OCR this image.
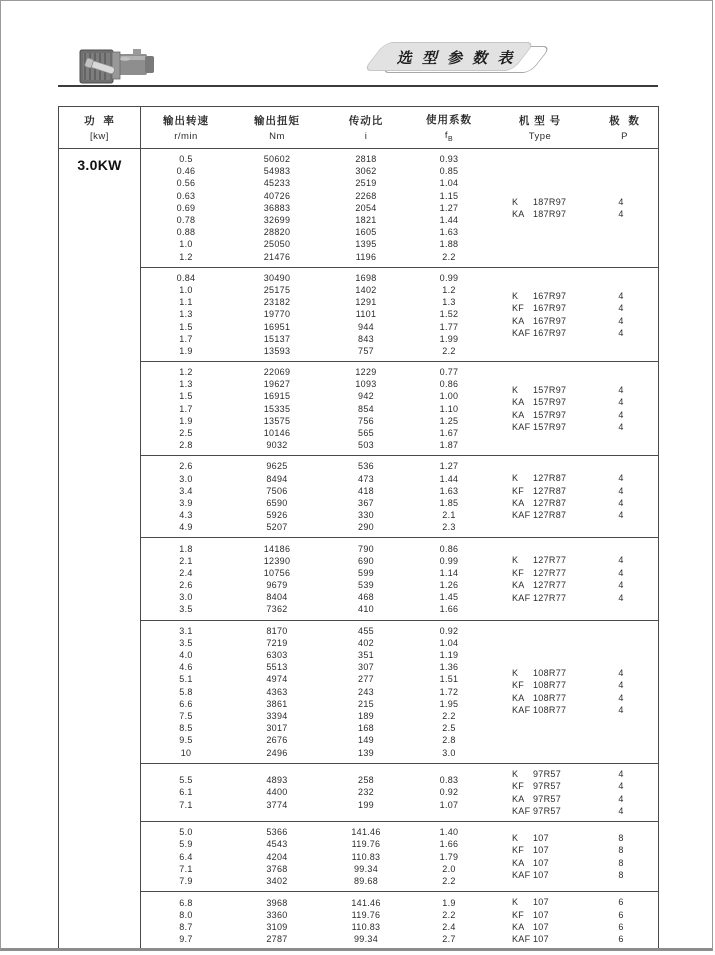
选 型 参 数 表
功  率
[kw]
输出转速
r/min
输出扭矩
Nm
传动比
i
使用系数
$f_B$
机 型 号
Type
极  数
P
3.0KW	0.5	50602	2818	0.93
0.46	54983	3062	0.85
0.56	45233	2519	1.04
0.63	40726	2268	1.15
0.69	36883	2054	1.27
0.78	32699	1821	1.44
0.88	28820	1605	1.63
1.0	25050	1395	1.88
1.2	21476	1196	2.2
K 187R97	4
KA 187R97	4
0.84	30490	1698	0.99
1.0	25175	1402	1.2
1.1	23182	1291	1.3
1.3	19770	1101	1.52
1.5	16951	944	1.77
1.7	15137	843	1.99
1.9	13593	757	2.2
K 167R97	4
KF 167R97	4
KA 167R97	4
KAF 167R97	4
1.2	22069	1229	0.77
1.3	19627	1093	0.86
1.5	16915	942	1.00
1.7	15335	854	1.10
1.9	13575	756	1.25
2.5	10146	565	1.67
2.8	9032	503	1.87
K 157R97	4
KA 157R97	4
KA 157R97	4
KAF 157R97	4
2.6	9625	536	1.27
3.0	8494	473	1.44
3.4	7506	418	1.63
3.9	6590	367	1.85
4.3	5926	330	2.1
4.9	5207	290	2.3
K 127R87	4
KF 127R87	4
KA 127R87	4
KAF 127R87	4
1.8	14186	790	0.86
2.1	12390	690	0.99
2.4	10756	599	1.14
2.6	9679	539	1.26
3.0	8404	468	1.45
3.5	7362	410	1.66
K 127R77	4
KF 127R77	4
KA 127R77	4
KAF 127R77	4
3.1	8170	455	0.92
3.5	7219	402	1.04
4.0	6303	351	1.19
4.6	5513	307	1.36
5.1	4974	277	1.51
5.8	4363	243	1.72
6.6	3861	215	1.95
7.5	3394	189	2.2
8.5	3017	168	2.5
9.5	2676	149	2.8
10	2496	139	3.0
K 108R77	4
KF 108R77	4
KA 108R77	4
KAF 108R77	4
5.5	4893	258	0.83
6.1	4400	232	0.92
7.1	3774	199	1.07
K 97R57	4
KF 97R57	4
KA 97R57	4
KAF 97R57	4
5.0	5366	141.46	1.40
5.9	4543	119.76	1.66
6.4	4204	110.83	1.79
7.1	3768	99.34	2.0
7.9	3402	89.68	2.2
K 107	8
KF 107	8
KA 107	8
KAF 107	8
6.8	3968	141.46	1.9
8.0	3360	119.76	2.2
8.7	3109	110.83	2.4
9.7	2787	99.34	2.7
K 107	6
KF 107	6
KA 107	6
KAF 107	6
